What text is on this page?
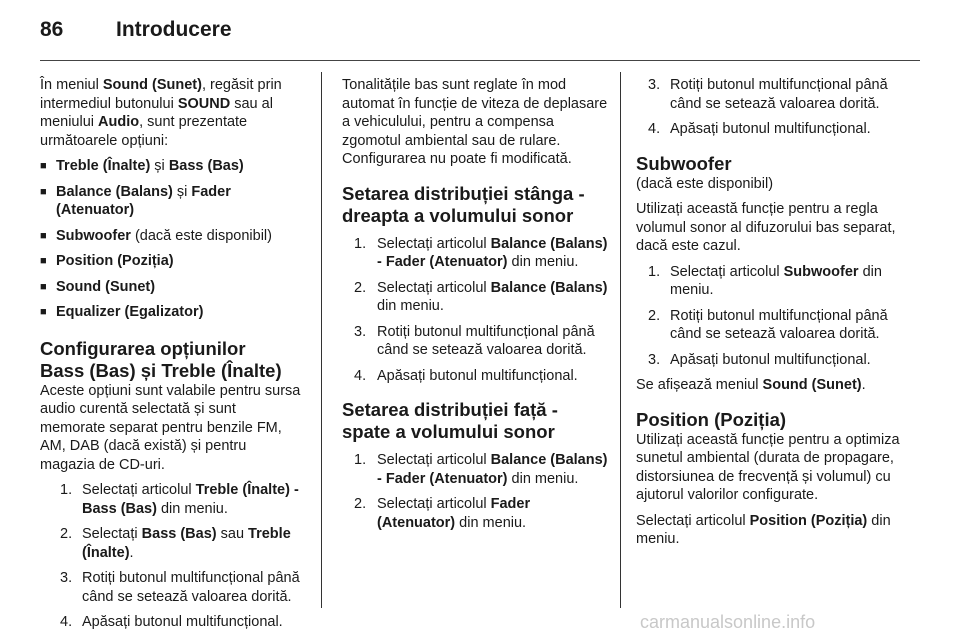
86	Introducere

În meniul Sound (Sunet), regăsit prin intermediul butonului SOUND sau al meniului Audio, sunt prezentate următoarele opțiuni:

■ Treble (Înalte) și Bass (Bas)
■ Balance (Balans) și Fader (Atenuator)
■ Subwoofer (dacă este disponibil)
■ Position (Poziția)
■ Sound (Sunet)
■ Equalizer (Egalizator)
Configurarea opțiunilor
Bass (Bas) și Treble (Înalte)

Aceste opțiuni sunt valabile pentru sursa audio curentă selectată și sunt memorate separat pentru benzile FM, AM, DAB (dacă există) și pentru magazia de CD-uri.

1. Selectați articolul Treble (Înalte) - Bass (Bas) din meniu.
2. Selectați Bass (Bas) sau Treble (Înalte).
3. Rotiți butonul multifuncțional până când se setează valoarea dorită.
4. Apăsați butonul multifuncțional.

Tonalitățile bas sunt reglate în mod automat în funcție de viteza de deplasare a vehiculului, pentru a compensa zgomotul ambiental sau de rulare. Configurarea nu poate fi modificată.

Setarea distribuției stânga - dreapta a volumului sonor
1. Selectați articolul Balance (Balans) - Fader (Atenuator) din meniu.
2. Selectați articolul Balance (Balans) din meniu.
3. Rotiți butonul multifuncțional până când se setează valoarea dorită.
4. Apăsați butonul multifuncțional.
Setarea distribuției față - spate a volumului sonor
1. Selectați articolul Balance (Balans) - Fader (Atenuator) din meniu.
2. Selectați articolul Fader (Atenuator) din meniu.
3. Rotiți butonul multifuncțional până când se setează valoarea dorită.
4. Apăsați butonul multifuncțional.
Subwoofer

(dacă este disponibil)

Utilizați această funcție pentru a regla volumul sonor al difuzorului bas separat, dacă este cazul.

1. Selectați articolul Subwoofer din meniu.
2. Rotiți butonul multifuncțional până când se setează valoarea dorită.
3. Apăsați butonul multifuncțional.

Se afișează meniul Sound (Sunet).

Position (Poziția)

Utilizați această funcție pentru a optimiza sunetul ambiental (durata de propagare, distorsiunea de frecvență și volumul) cu ajutorul valorilor configurate.

Selectați articolul Position (Poziția) din meniu.

carmanualsonline.info
